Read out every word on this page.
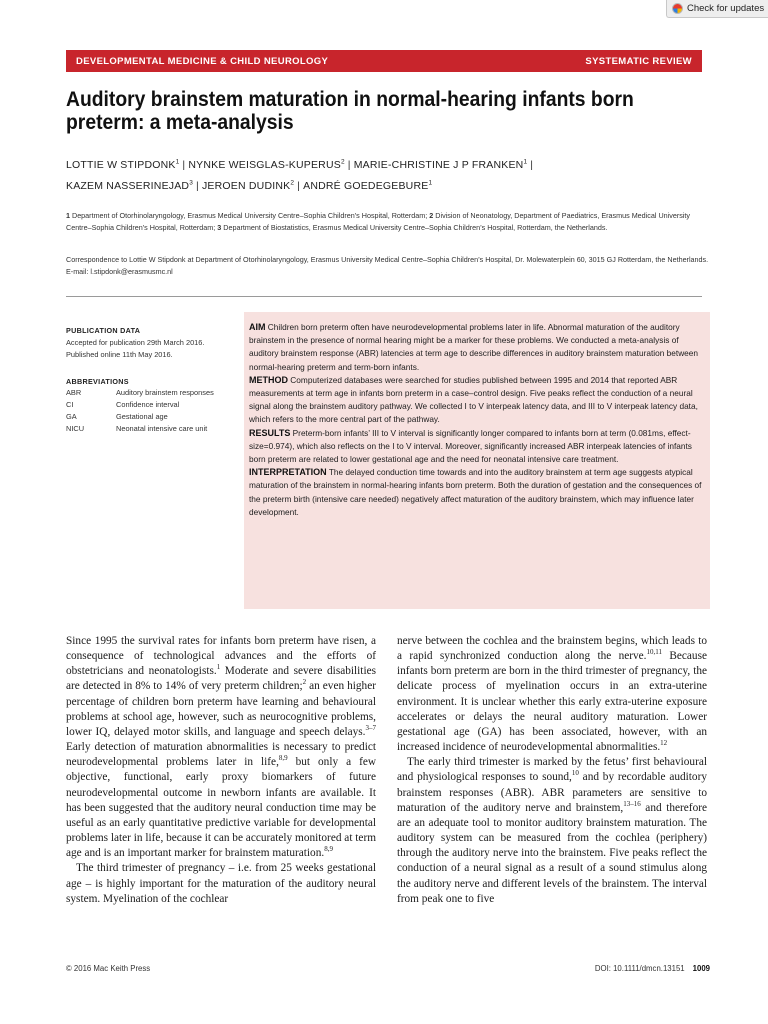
Check for updates
DEVELOPMENTAL MEDICINE & CHILD NEUROLOGY	SYSTEMATIC REVIEW
Auditory brainstem maturation in normal-hearing infants born
preterm: a meta-analysis
LOTTIE W STIPDONK$^1$ | NYNKE WEISGLAS-KUPERUS$^2$ | MARIE-CHRISTINE J P FRANKEN$^1$ |
KAZEM NASSERINEJAD$^3$ | JEROEN DUDINK$^2$ | ANDRÉ GOEDEGEBURE$^1$
1 Department of Otorhinolaryngology, Erasmus Medical University Centre–Sophia Children’s Hospital, Rotterdam; 2 Division of Neonatology, Department of Paediatrics, Erasmus Medical University Centre–Sophia Children’s Hospital, Rotterdam; 3 Department of Biostatistics, Erasmus Medical University Centre–Sophia Children’s Hospital, Rotterdam, the Netherlands.
Correspondence to Lottie W Stipdonk at Department of Otorhinolaryngology, Erasmus University Medical Centre–Sophia Children’s Hospital, Dr. Molewaterplein 60, 3015 GJ Rotterdam, the Netherlands. E-mail: l.stipdonk@erasmusmc.nl
PUBLICATION DATA
Accepted for publication 29th March 2016.
Published online 11th May 2016.
ABBREVIATIONS
ABR	Auditory brainstem responses
CI	Confidence interval
GA	Gestational age
NICU	Neonatal intensive care unit

AIM Children born preterm often have neurodevelopmental problems later in life. Abnormal maturation of the auditory brainstem in the presence of normal hearing might be a marker for these problems. We conducted a meta-analysis of auditory brainstem response (ABR) latencies at term age to describe differences in auditory brainstem maturation between normal-hearing preterm and term-born infants.

METHOD Computerized databases were searched for studies published between 1995 and 2014 that reported ABR measurements at term age in infants born preterm in a case–control design. Five peaks reflect the conduction of a neural signal along the brainstem auditory pathway. We collected I to V interpeak latency data, and III to V interpeak latency data, which refers to the more central part of the pathway.

RESULTS Preterm-born infants’ III to V interval is significantly longer compared to infants born at term (0.081ms, effect-size=0.974), which also reflects on the I to V interval. Moreover, significantly increased ABR interpeak latencies of infants born preterm are related to lower gestational age and the need for neonatal intensive care treatment.

INTERPRETATION The delayed conduction time towards and into the auditory brainstem at term age suggests atypical maturation of the brainstem in normal-hearing infants born preterm. Both the duration of gestation and the consequences of the preterm birth (intensive care needed) negatively affect maturation of the auditory brainstem, which may influence later development.

Since 1995 the survival rates for infants born preterm have risen, a consequence of technological advances and the efforts of obstetricians and neonatologists.$^1$ Moderate and severe disabilities are detected in 8% to 14% of very preterm children;$^2$ an even higher percentage of children born preterm have learning and behavioural problems at school age, however, such as neurocognitive problems, lower IQ, delayed motor skills, and language and speech delays.$^{3-7}$ Early detection of maturation abnormalities is necessary to predict neurodevelopmental problems later in life,$^{8,9}$ but only a few objective, functional, early proxy biomarkers of future neurodevelopmental outcome in newborn infants are available. It has been suggested that the auditory neural conduction time may be useful as an early quantitative predictive variable for developmental problems later in life, because it can be accurately monitored at term age and is an important marker for brainstem maturation.$^{8,9}$

The third trimester of pregnancy – i.e. from 25 weeks gestational age – is highly important for the maturation of the auditory neural system. Myelination of the cochlear

nerve between the cochlea and the brainstem begins, which leads to a rapid synchronized conduction along the nerve.$^{10,11}$ Because infants born preterm are born in the third trimester of pregnancy, the delicate process of myelination occurs in an extra-uterine environment. It is unclear whether this early extra-uterine exposure accelerates or delays the neural auditory maturation. Lower gestational age (GA) has been associated, however, with an increased incidence of neurodevelopmental abnormalities.$^{12}$

The early third trimester is marked by the fetus’ first behavioural and physiological responses to sound,$^{10}$ and by recordable auditory brainstem responses (ABR). ABR parameters are sensitive to maturation of the auditory nerve and brainstem,$^{13-16}$ and therefore are an adequate tool to monitor auditory brainstem maturation. The auditory system can be measured from the cochlea (periphery) through the auditory nerve into the brainstem. Five peaks reflect the conduction of a neural signal as a result of a sound stimulus along the auditory nerve and different levels of the brainstem. The interval from peak one to five

© 2016 Mac Keith Press	DOI: 10.1111/dmcn.13151 1009
